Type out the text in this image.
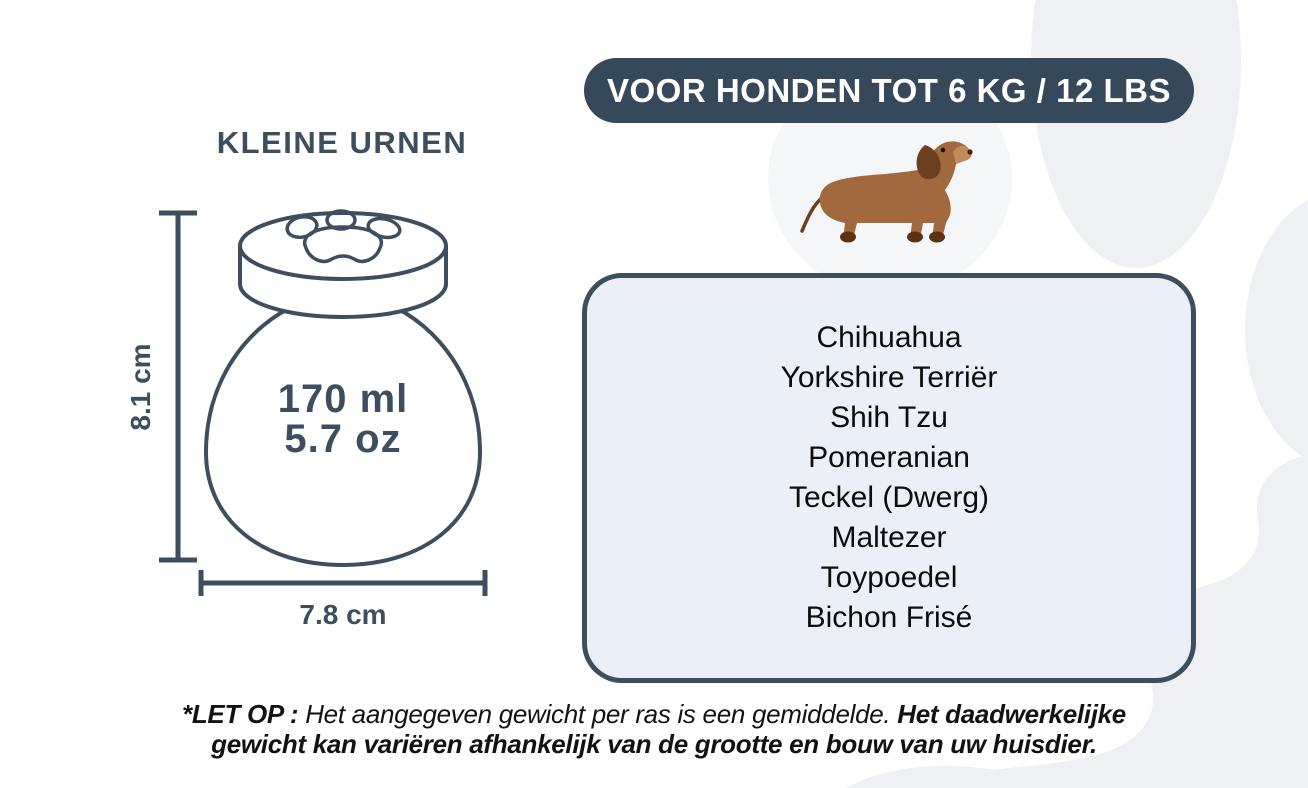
KLEINE URNEN
VOOR HONDEN TOT 6 KG / 12 LBS
Chihuahua
Yorkshire Terriër
Shih Tzu
Pomeranian
Teckel (Dwerg)
Maltezer
Toypoedel
Bichon Frisé
170 ml
5.7 oz
8.1 cm
7.8 cm
*LET OP : Het aangegeven gewicht per ras is een gemiddelde. Het daadwerkelijke
gewicht kan variëren afhankelijk van de grootte en bouw van uw huisdier.
